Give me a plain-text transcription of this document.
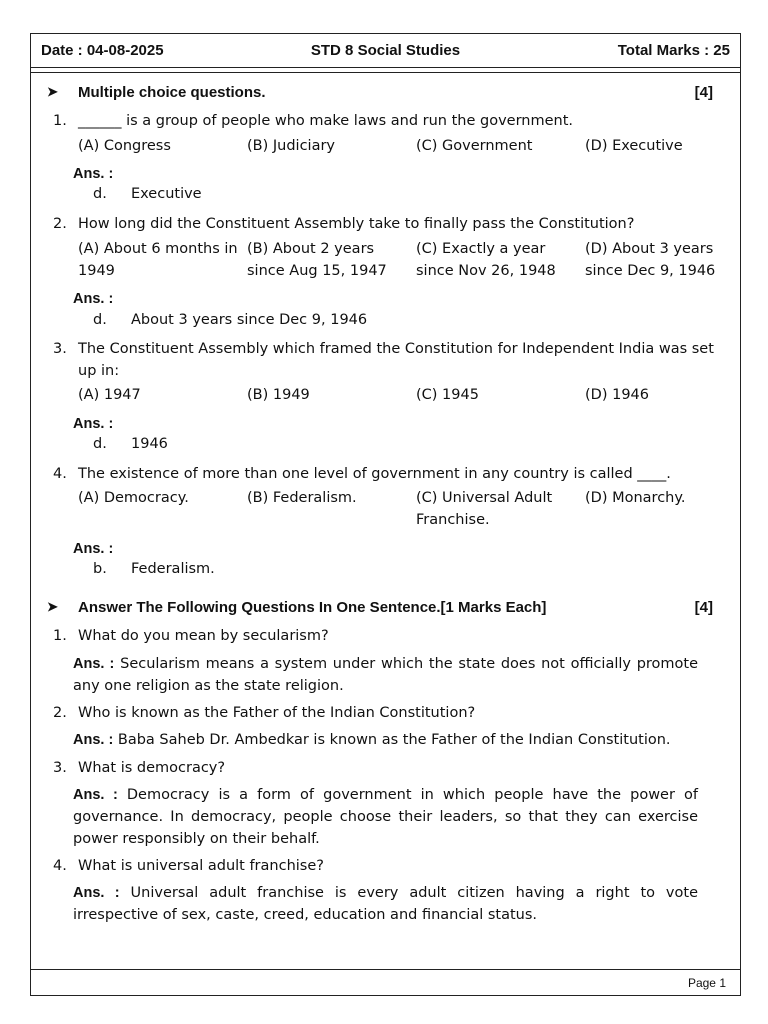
STD 8 Social Studies
Date : 04-08-2025	Total Marks : 25
➤ Multiple choice questions.	[4]
1. ______ is a group of people who make laws and run the government.
(A) Congress	(B) Judiciary	(C) Government	(D) Executive
Ans. :
d. Executive
2. How long did the Constituent Assembly take to finally pass the Constitution?
(A) About 6 months in 1949
(B) About 2 years since Aug 15, 1947
(C) Exactly a year since Nov 26, 1948
(D) About 3 years since Dec 9, 1946
Ans. :
d. About 3 years since Dec 9, 1946
3. The Constituent Assembly which framed the Constitution for Independent India was set up in:
(A) 1947	(B) 1949	(C) 1945	(D) 1946
Ans. :
d. 1946
4. The existence of more than one level of government in any country is called ____.
(A) Democracy.	(B) Federalism.	(C) Universal Adult Franchise.
(D) Monarchy.
Ans. :
b. Federalism.
➤ Answer The Following Questions In One Sentence.[1 Marks Each]	[4]
1. What do you mean by secularism?
Ans. : Secularism means a system under which the state does not officially promote any one religion as the state religion.
2. Who is known as the Father of the Indian Constitution?
Ans. : Baba Saheb Dr. Ambedkar is known as the Father of the Indian Constitution.
3. What is democracy?
Ans. : Democracy is a form of government in which people have the power of governance. In democracy, people choose their leaders, so that they can exercise power responsibly on their behalf.
4. What is universal adult franchise?
Ans. : Universal adult franchise is every adult citizen having a right to vote irrespective of sex, caste, creed, education and financial status.
Page 1
